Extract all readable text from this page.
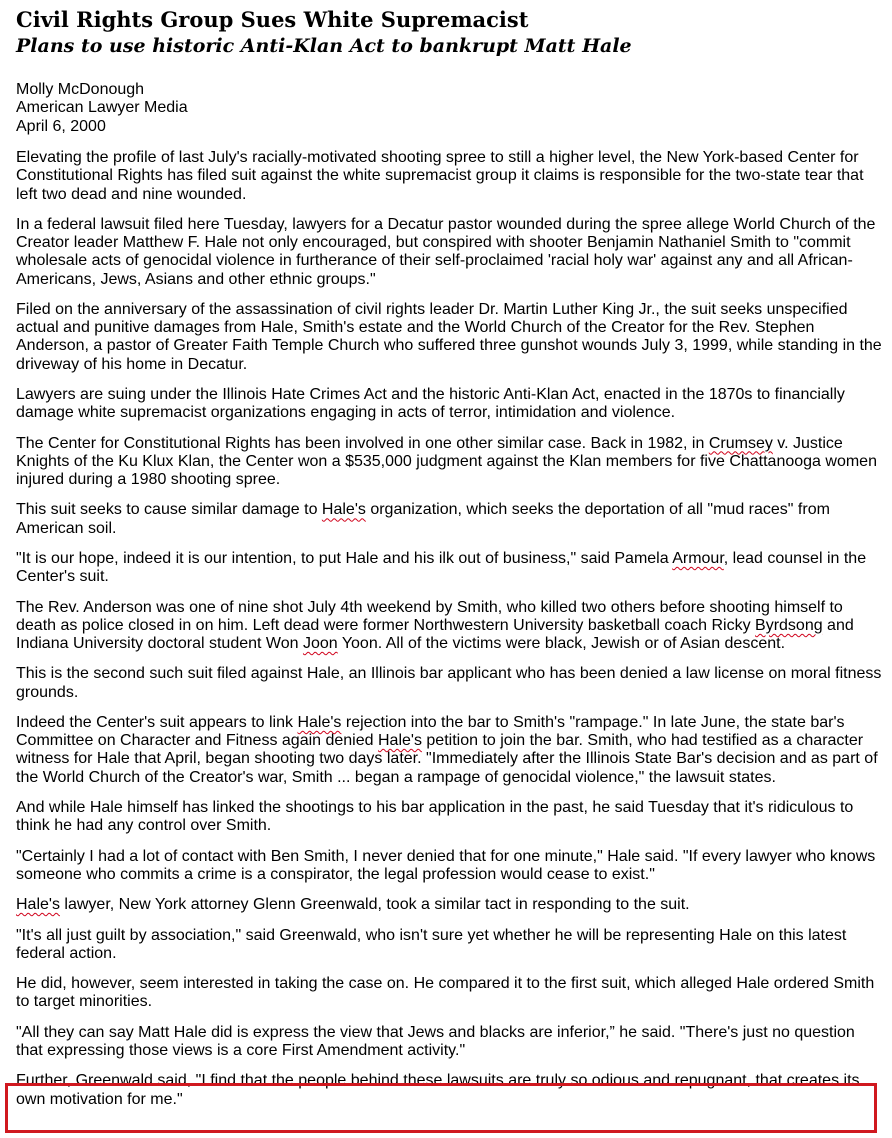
Civil Rights Group Sues White Supremacist
Plans to use historic Anti-Klan Act to bankrupt Matt Hale
Molly McDonough
American Lawyer Media
April 6, 2000

Elevating the profile of last July's racially-motivated shooting spree to still a higher level, the New York-based Center for Constitutional Rights has filed suit against the white supremacist group it claims is responsible for the two-state tear that left two dead and nine wounded.

In a federal lawsuit filed here Tuesday, lawyers for a Decatur pastor wounded during the spree allege World Church of the Creator leader Matthew F. Hale not only encouraged, but conspired with shooter Benjamin Nathaniel Smith to "commit wholesale acts of genocidal violence in furtherance of their self-proclaimed 'racial holy war' against any and all African-Americans, Jews, Asians and other ethnic groups."

Filed on the anniversary of the assassination of civil rights leader Dr. Martin Luther King Jr., the suit seeks unspecified actual and punitive damages from Hale, Smith's estate and the World Church of the Creator for the Rev. Stephen Anderson, a pastor of Greater Faith Temple Church who suffered three gunshot wounds July 3, 1999, while standing in the driveway of his home in Decatur.

Lawyers are suing under the Illinois Hate Crimes Act and the historic Anti-Klan Act, enacted in the 1870s to financially damage white supremacist organizations engaging in acts of terror, intimidation and violence.

The Center for Constitutional Rights has been involved in one other similar case. Back in 1982, in Crumsey v. Justice Knights of the Ku Klux Klan, the Center won a $535,000 judgment against the Klan members for five Chattanooga women injured during a 1980 shooting spree.

This suit seeks to cause similar damage to Hale's organization, which seeks the deportation of all "mud races" from American soil.

"It is our hope, indeed it is our intention, to put Hale and his ilk out of business," said Pamela Armour, lead counsel in the Center's suit.

The Rev. Anderson was one of nine shot July 4th weekend by Smith, who killed two others before shooting himself to death as police closed in on him. Left dead were former Northwestern University basketball coach Ricky Byrdsong and Indiana University doctoral student Won Joon Yoon. All of the victims were black, Jewish or of Asian descent.

This is the second such suit filed against Hale, an Illinois bar applicant who has been denied a law license on moral fitness grounds.

Indeed the Center's suit appears to link Hale's rejection into the bar to Smith's "rampage." In late June, the state bar's Committee on Character and Fitness again denied Hale's petition to join the bar. Smith, who had testified as a character witness for Hale that April, began shooting two days later. "Immediately after the Illinois State Bar's decision and as part of the World Church of the Creator's war, Smith ... began a rampage of genocidal violence," the lawsuit states.

And while Hale himself has linked the shootings to his bar application in the past, he said Tuesday that it's ridiculous to think he had any control over Smith.

"Certainly I had a lot of contact with Ben Smith, I never denied that for one minute," Hale said. "If every lawyer who knows someone who commits a crime is a conspirator, the legal profession would cease to exist."

Hale's lawyer, New York attorney Glenn Greenwald, took a similar tact in responding to the suit.

"It's all just guilt by association," said Greenwald, who isn't sure yet whether he will be representing Hale on this latest federal action.

He did, however, seem interested in taking the case on. He compared it to the first suit, which alleged Hale ordered Smith to target minorities.

"All they can say Matt Hale did is express the view that Jews and blacks are inferior,” he said. "There's just no question that expressing those views is a core First Amendment activity."

Further, Greenwald said, "I find that the people behind these lawsuits are truly so odious and repugnant, that creates its own motivation for me."
